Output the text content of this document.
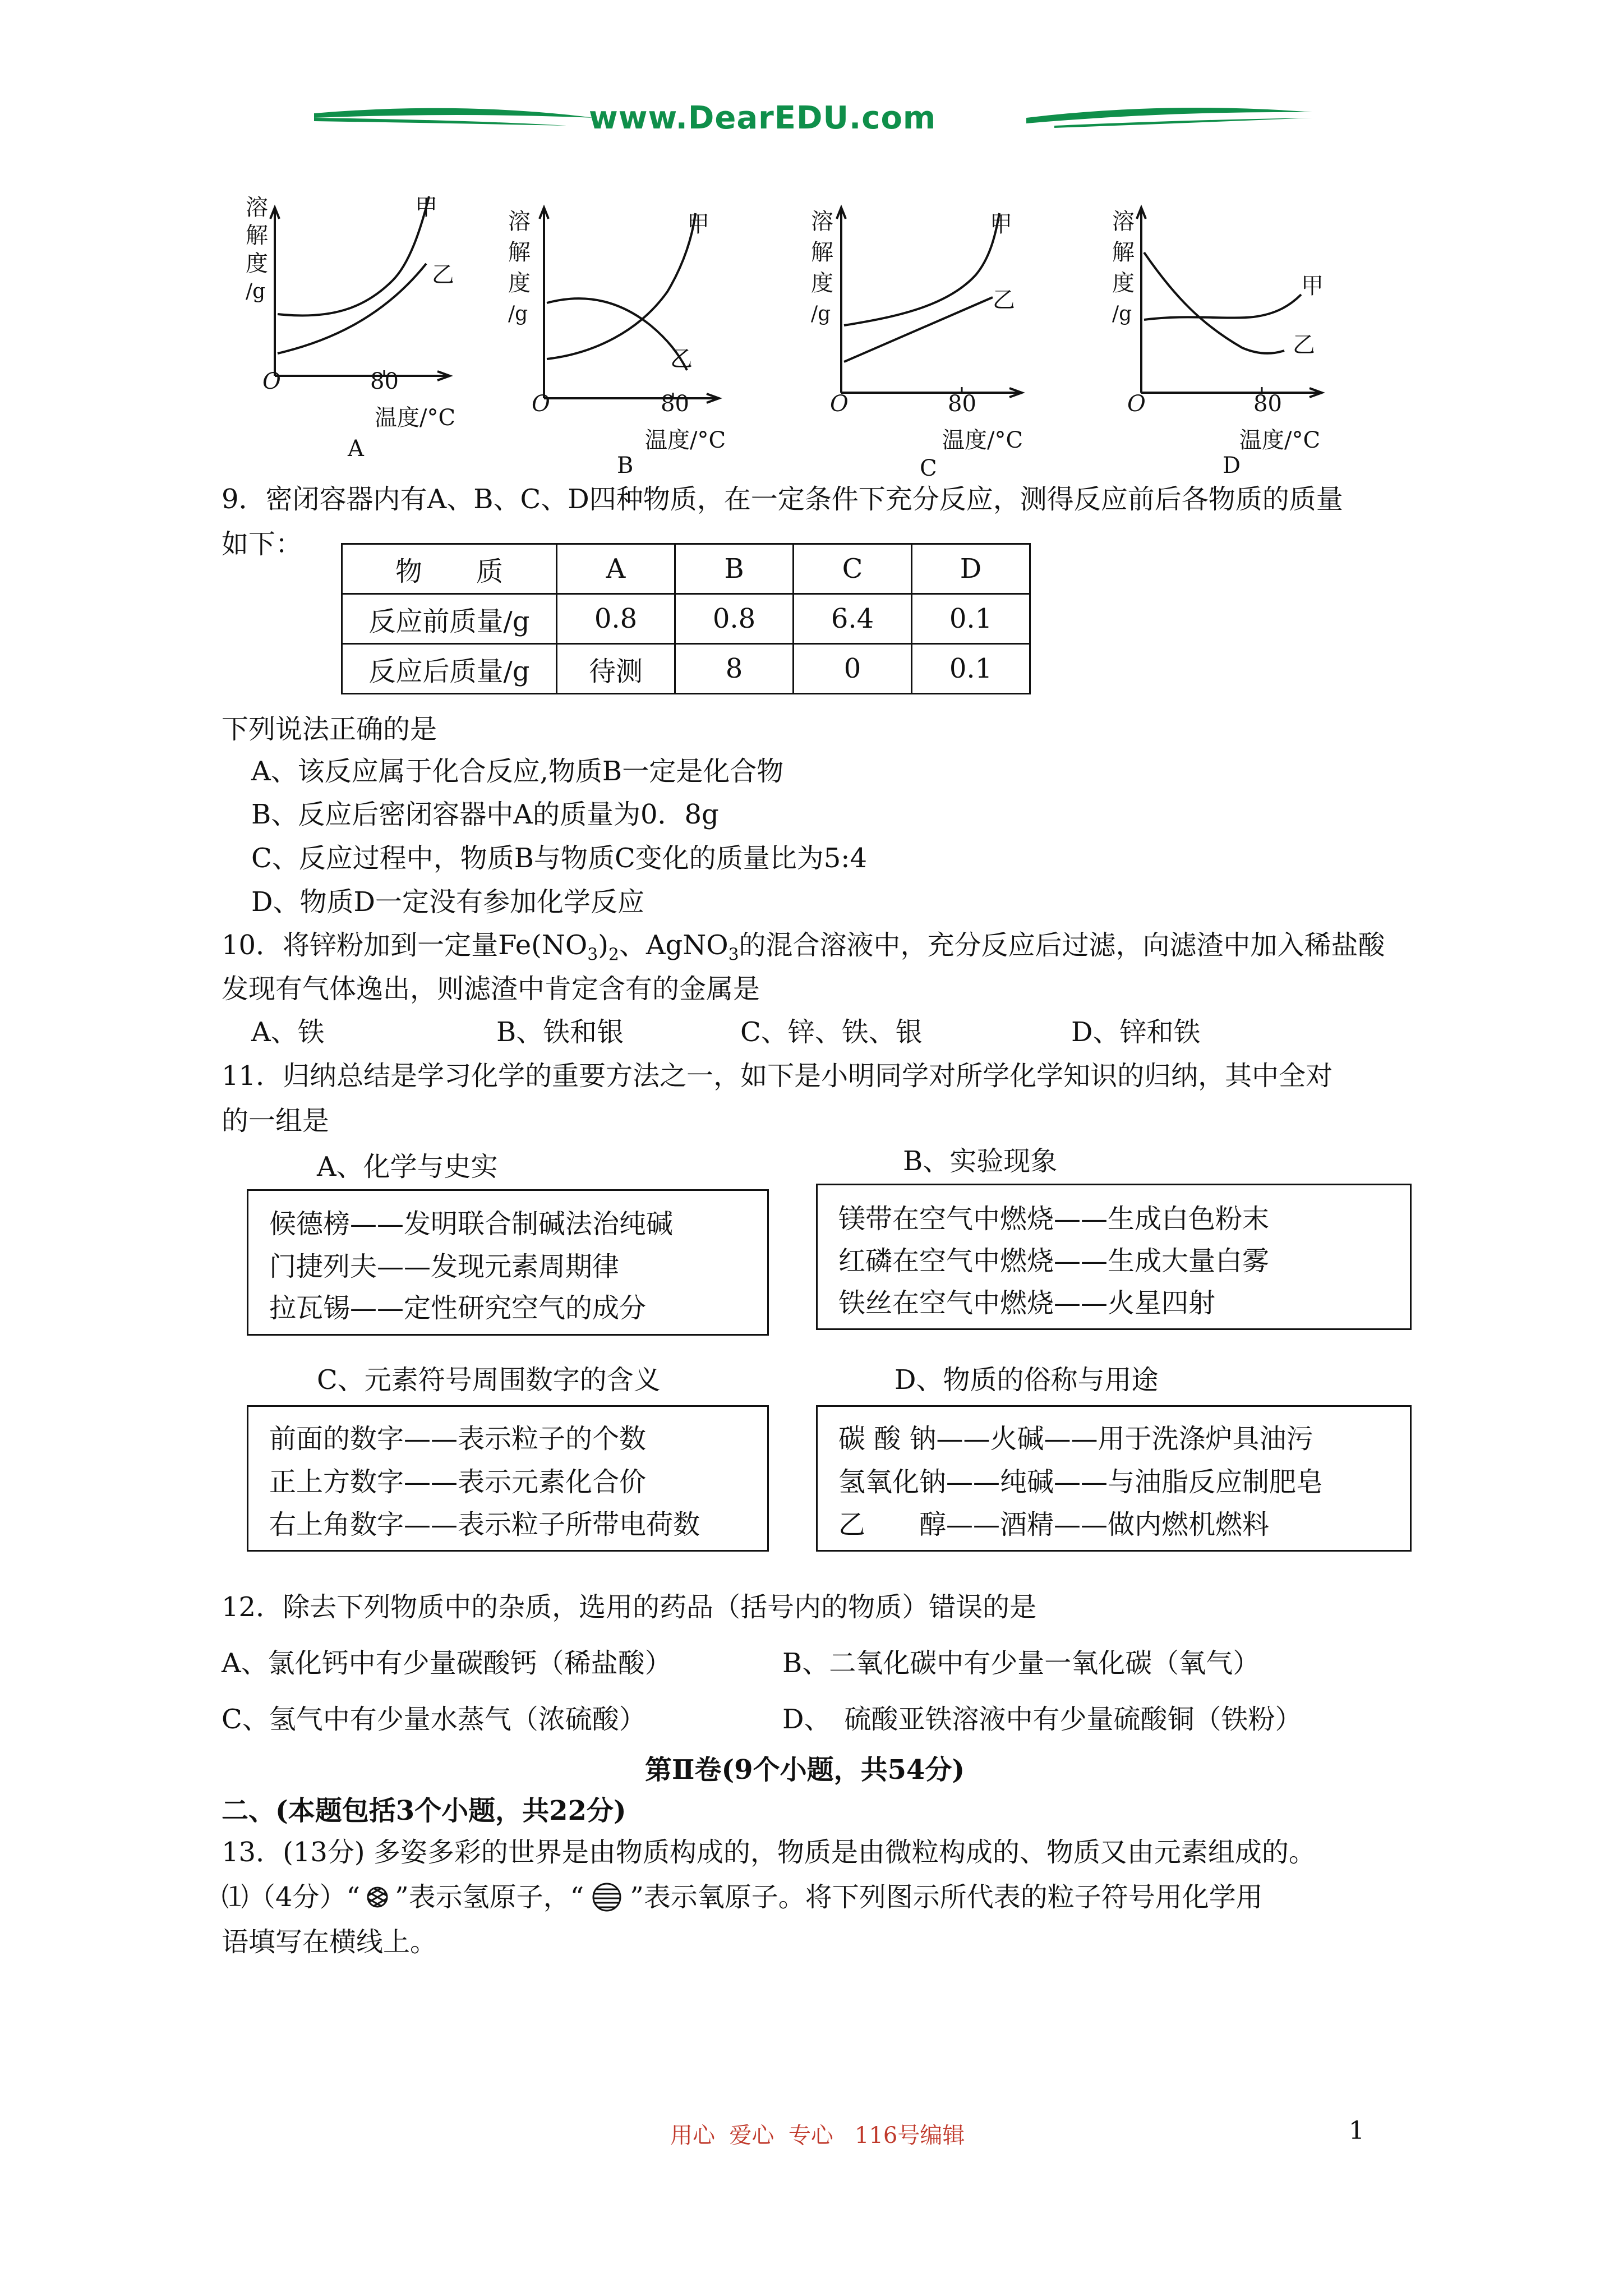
www.DearEDU.com
溶
解
度
/g
甲
乙
O	80
温度/°C
A
溶
解
度
/g
甲
乙
O	80
温度/°C
B
溶
解
度
/g
甲
乙
O	80
温度/°C
C
溶
解
度
/g
甲
乙
O	80
温度/°C
D
9．密闭容器内有A、B、C、D四种物质，在一定条件下充分反应，测得反应前后各物质的质量
如下：
物　　质	A	B	C	D
反应前质量/g	0.8	0.8	6.4	0.1
反应后质量/g	待测	8	0	0.1
下列说法正确的是
A、该反应属于化合反应,物质B一定是化合物
B、反应后密闭容器中A的质量为0．8g
C、反应过程中，物质B与物质C变化的质量比为5:4
D、物质D一定没有参加化学反应
10．将锌粉加到一定量$Fe(NO_3)_2$、AgNO$_3$的混合溶液中，充分反应后过滤，向滤渣中加入稀盐酸
发现有气体逸出，则滤渣中肯定含有的金属是
A、铁	B、铁和银	C、锌、铁、银	D、锌和铁
11．归纳总结是学习化学的重要方法之一，如下是小明同学对所学化学知识的归纳，其中全对
的一组是
A、化学与史实	B、实验现象
候德榜——发明联合制碱法治纯碱
门捷列夫——发现元素周期律
拉瓦锡——定性研究空气的成分
镁带在空气中燃烧——生成白色粉末
红磷在空气中燃烧——生成大量白雾
铁丝在空气中燃烧——火星四射
C、元素符号周围数字的含义	D、物质的俗称与用途
前面的数字——表示粒子的个数
正上方数字——表示元素化合价
右上角数字——表示粒子所带电荷数
碳 酸 钠——火碱——用于洗涤炉具油污
氢氧化钠——纯碱——与油脂反应制肥皂
乙　　醇——酒精——做内燃机燃料
12．除去下列物质中的杂质，选用的药品（括号内的物质）错误的是
A、氯化钙中有少量碳酸钙（稀盐酸）	B、二氧化碳中有少量一氧化碳（氧气）
C、氢气中有少量水蒸气（浓硫酸）	D、　硫酸亚铁溶液中有少量硫酸铜（铁粉）
第Ⅱ卷(9个小题，共54分)
二、(本题包括3个小题，共22分)
13．(13分) 多姿多彩的世界是由物质构成的，物质是由微粒构成的、物质又由元素组成的。
⑴（4分）“ ”表示氢原子，“ ”表示氧原子。将下列图示所代表的粒子符号用化学用
语填写在横线上。
用心  爱心  专心   116号编辑	1
